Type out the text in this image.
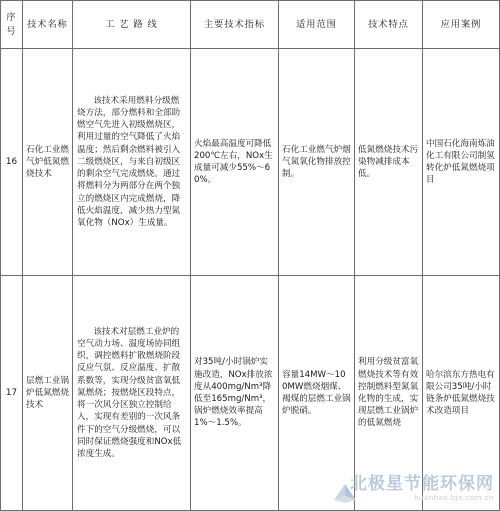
序号	技术名称	工 艺 路 线	主要技术指标	适用范围	技术特点	应用案例
16	石化工业燃气炉低氮燃烧技术	该技术采用燃料分级燃烧方法，部分燃料和全部助燃空气先进入初级燃烧区，利用过量的空气降低了火焰温度；然后剩余燃料被引入二级燃烧区，与来自初级区的剩余空气完成燃烧。通过将燃料分为两部分在两个独立的燃烧区内完成燃烧，降低火焰温度，减少热力型氮氧化物（NOx）生成量。	火焰最高温度可降低200℃左右，NOx生成量可减少55%～60%。	石化工业燃气炉烟气氮氧化物排放控制。	低氮燃烧技术污染物减排成本低。	中国石化海南炼油化工有限公司制氢转化炉低氮燃烧项目
17	层燃工业锅炉低氮燃烧技术	该技术对层燃工业炉的空气动力场、温度场协同组织，调控燃料扩散燃烧阶段反应气氛、反应温度、扩散系数等，实现分级贫富氧低氮燃烧；按燃烧区段特点，将一次风分区独立控制给入，实现有差别的一次风条件下的空气分级燃烧，可以同时保证燃烧强度和NOx低浓度生成。	对35吨/小时锅炉实施改造，NOx排放浓度从400mg/Nm³降低至165mg/Nm³，锅炉燃烧效率提高1%～1.5%。	容量14MW～100MW燃烧烟煤、褐煤的层燃工业锅炉脱硝。	利用分级贫富氧燃烧技术等有效控制燃料型氮氧化物的生成，实现层燃工业锅炉的低氮燃烧	哈尔滨东方热电有限公司35吨/小时链条炉低氮燃烧技术改造项目
北极星节能环保网
huanbao.bjx.com.cn
